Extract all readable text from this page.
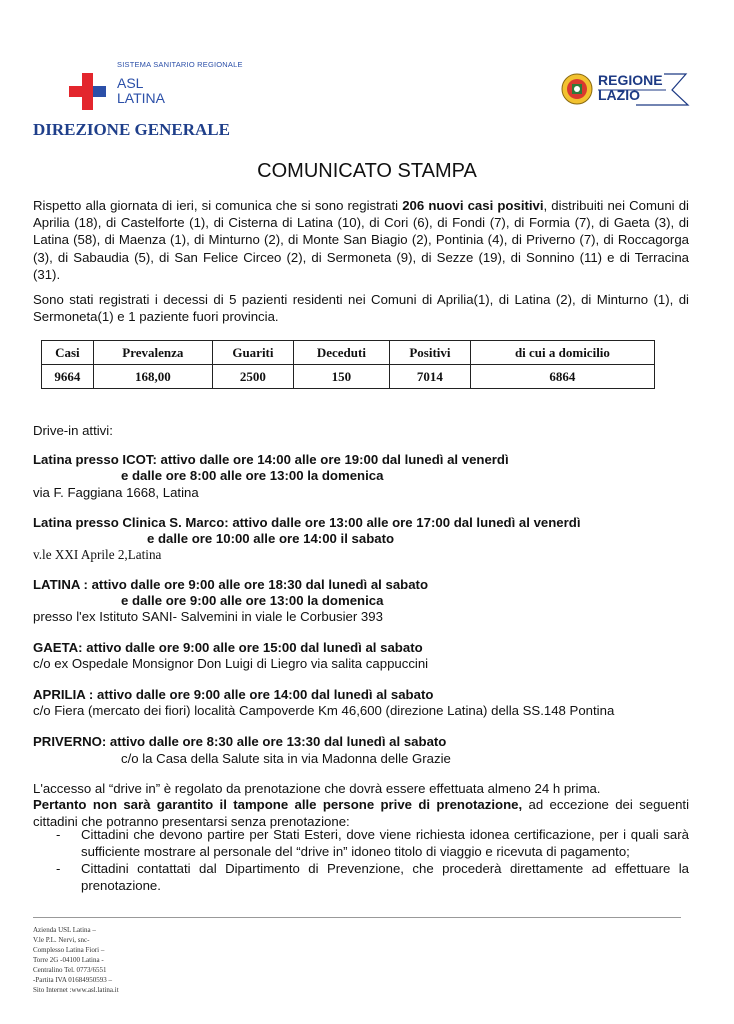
SISTEMA SANITARIO REGIONALE
ASL
LATINA
REGIONE
LAZIO
DIREZIONE GENERALE
COMUNICATO STAMPA
Rispetto alla giornata di ieri, si comunica che si sono registrati 206 nuovi casi positivi, distribuiti nei Comuni di Aprilia (18), di Castelforte (1), di Cisterna di Latina (10), di Cori (6), di Fondi (7), di Formia (7), di Gaeta (3), di Latina (58), di Maenza (1), di Minturno (2), di Monte San Biagio (2), Pontinia (4), di Priverno (7), di Roccagorga (3), di Sabaudia (5), di San Felice Circeo (2), di Sermoneta (9), di Sezze (19), di Sonnino (11) e di Terracina (31).
Sono stati registrati i decessi di 5 pazienti residenti nei Comuni di Aprilia(1), di Latina (2), di Minturno (1), di Sermoneta(1) e 1 paziente fuori provincia.
Casi	Prevalenza	Guariti	Deceduti	Positivi	di cui a domicilio
9664	168,00	2500	150	7014	6864
Drive-in attivi:
Latina presso ICOT: attivo dalle ore 14:00 alle ore 19:00 dal lunedì al venerdì
e dalle ore 8:00 alle ore 13:00 la domenica
via F. Faggiana 1668, Latina
Latina presso Clinica S. Marco: attivo dalle ore 13:00 alle ore 17:00 dal lunedì al venerdì
e dalle ore 10:00 alle ore 14:00 il sabato
v.le XXI Aprile 2,Latina
LATINA : attivo dalle ore 9:00 alle ore 18:30 dal lunedì al sabato
e dalle ore 9:00 alle ore 13:00 la domenica
presso l'ex Istituto SANI- Salvemini in viale le Corbusier 393
GAETA: attivo dalle ore 9:00 alle ore 15:00 dal lunedì al sabato
c/o ex Ospedale Monsignor Don Luigi di Liegro via salita cappuccini
APRILIA : attivo dalle ore 9:00 alle ore 14:00 dal lunedì al sabato
c/o Fiera (mercato dei fiori) località Campoverde Km 46,600 (direzione Latina) della SS.148 Pontina
PRIVERNO: attivo dalle ore 8:30 alle ore 13:30 dal lunedì al sabato
c/o la Casa della Salute sita in via Madonna delle Grazie
L'accesso al “drive in” è regolato da prenotazione che dovrà essere effettuata almeno 24 h prima.
Pertanto non sarà garantito il tampone alle persone prive di prenotazione, ad eccezione dei seguenti cittadini che potranno presentarsi senza prenotazione:
- Cittadini che devono partire per Stati Esteri, dove viene richiesta idonea certificazione, per i quali sarà sufficiente mostrare al personale del “drive in” idoneo titolo di viaggio e ricevuta di pagamento;
- Cittadini contattati dal Dipartimento di Prevenzione, che procederà direttamente ad effettuare la prenotazione.
Azienda USL Latina –
V.le P.L. Nervi, snc-
Complesso Latina Fiori –
Torre 2G -04100 Latina -
Centralino Tel. 0773/6551
-Partita IVA 01684950593 –
Sito Internet :www.asl.latina.it
